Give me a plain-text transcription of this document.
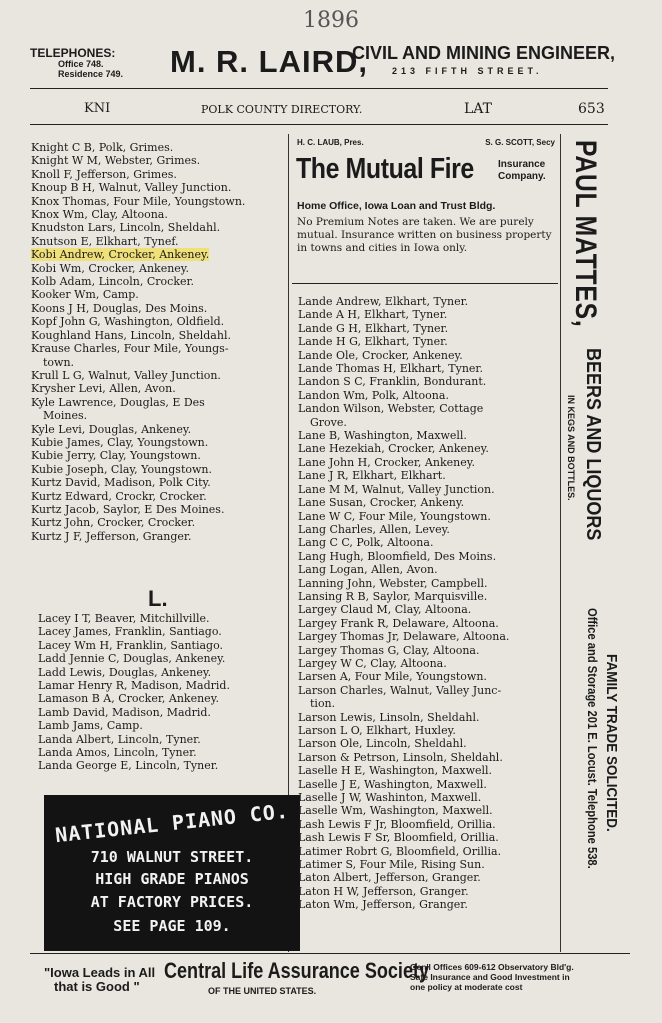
1896
TELEPHONES:
Office 748.
Residence 749. M. R. LAIRD,
CIVIL AND MINING ENGINEER,
213 FIFTH STREET.
KNI	POLK COUNTY DIRECTORY.	LAT	653
Knight C B, Polk, Grimes.
Knight W M, Webster, Grimes.
Knoll F, Jefferson, Grimes.
Knoup B H, Walnut, Valley Junction.
Knox Thomas, Four Mile, Youngstown.
Knox Wm, Clay, Altoona.
Knudston Lars, Lincoln, Sheldahl.
Knutson E, Elkhart, Tynef.
Kobi Andrew, Crocker, Ankeney.
Kobi Wm, Crocker, Ankeney.
Kolb Adam, Lincoln, Crocker.
Kooker Wm, Camp.
Koons J H, Douglas, Des Moins.
Kopf John G, Washington, Oldfield.
Koughland Hans, Lincoln, Sheldahl.
Krause Charles, Four Mile, Youngs-
town.
Krull L G, Walnut, Valley Junction.
Krysher Levi, Allen, Avon.
Kyle Lawrence, Douglas, E Des
Moines.
Kyle Levi, Douglas, Ankeney.
Kubie James, Clay, Youngstown.
Kubie Jerry, Clay, Youngstown.
Kubie Joseph, Clay, Youngstown.
Kurtz David, Madison, Polk City.
Kurtz Edward, Crockr, Crocker.
Kurtz Jacob, Saylor, E Des Moines.
Kurtz John, Crocker, Crocker.
Kurtz J F, Jefferson, Granger.
L.
Lacey I T, Beaver, Mitchillville.
Lacey James, Franklin, Santiago.
Lacey Wm H, Franklin, Santiago.
Ladd Jennie C, Douglas, Ankeney.
Ladd Lewis, Douglas, Ankeney.
Lamar Henry R, Madison, Madrid.
Lamason B A, Crocker, Ankeney.
Lamb David, Madison, Madrid.
Lamb Jams, Camp.
Landa Albert, Lincoln, Tyner.
Landa Amos, Lincoln, Tyner.
Landa George E, Lincoln, Tyner.
NATIONAL PIANO CO.
710 WALNUT STREET.
HIGH GRADE PIANOS
AT FACTORY PRICES.
SEE PAGE 109.
H. C. LAUB, Pres.	S. G. SCOTT, Secy
The Mutual Fire Insurance
Company.
Home Office, Iowa Loan and Trust Bldg.
No Premium Notes are taken. We are purely mutual. Insurance written on business property in towns and cities in Iowa only.
Lande Andrew, Elkhart, Tyner.
Lande A H, Elkhart, Tyner.
Lande G H, Elkhart, Tyner.
Lande H G, Elkhart, Tyner.
Lande Ole, Crocker, Ankeney.
Lande Thomas H, Elkhart, Tyner.
Landon S C, Franklin, Bondurant.
Landon Wm, Polk, Altoona.
Landon Wilson, Webster, Cottage
Grove.
Lane B, Washington, Maxwell.
Lane Hezekiah, Crocker, Ankeney.
Lane John H, Crocker, Ankeney.
Lane J R, Elkhart, Elkhart.
Lane M M, Walnut, Valley Junction.
Lane Susan, Crocker, Ankeny.
Lane W C, Four Mile, Youngstown.
Lang Charles, Allen, Levey.
Lang C C, Polk, Altoona.
Lang Hugh, Bloomfield, Des Moins.
Lang Logan, Allen, Avon.
Lanning John, Webster, Campbell.
Lansing R B, Saylor, Marquisville.
Largey Claud M, Clay, Altoona.
Largey Frank R, Delaware, Altoona.
Largey Thomas Jr, Delaware, Altoona.
Largey Thomas G, Clay, Altoona.
Largey W C, Clay, Altoona.
Larsen A, Four Mile, Youngstown.
Larson Charles, Walnut, Valley Junc-
tion.
Larson Lewis, Linsoln, Sheldahl.
Larson L O, Elkhart, Huxley.
Larson Ole, Lincoln, Sheldahl.
Larson & Petrson, Linsoln, Sheldahl.
Laselle H E, Washington, Maxwell.
Laselle J E, Washington, Maxwell.
Laselle J W, Washinton, Maxwell.
Laselle Wm, Washington, Maxwell.
Lash Lewis F Jr, Bloomfield, Orillia.
Lash Lewis F Sr, Bloomfield, Orillia.
Latimer Robrt G, Bloomfield, Orillia.
Latimer S, Four Mile, Rising Sun.
Laton Albert, Jefferson, Granger.
Laton H W, Jefferson, Granger.
Laton Wm, Jefferson, Granger.
PAUL MATTES,
BEERS AND LIQUORS
IN KEGS AND BOTTLES.
FAMILY TRADE SOLICITED.
Office and Storage 201 E. Locust. Telephone 538.
"Iowa Leads in All
that is Good "
Central Life Assurance Society
OF THE UNITED STATES.
Gen'l Offices 609-612 Observatory Bld'g.
Safe Insurance and Good Investment in
one policy at moderate cost
